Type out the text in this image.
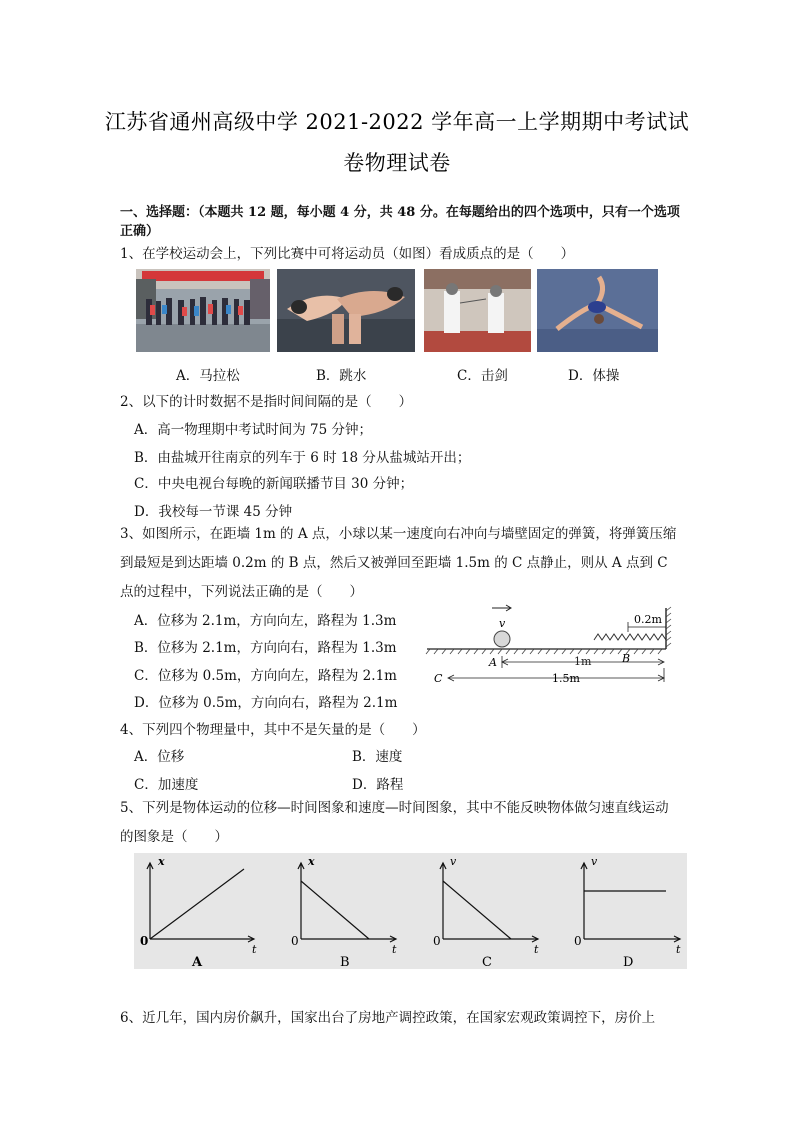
江苏省通州高级中学 2021-2022 学年高一上学期期中考试试
卷物理试卷
一、选择题：（本题共 12 题，每小题 4 分，共 48 分。在每题给出的四个选项中，只有一个选项正确）
1、在学校运动会上，下列比赛中可将运动员（如图）看成质点的是（　　）
A．马拉松	B．跳水	C．击剑	D．体操
2、以下的计时数据不是指时间间隔的是（　　）
A．高一物理期中考试时间为 75 分钟；
B．由盐城开往南京的列车于 6 时 18 分从盐城站开出；
C．中央电视台每晚的新闻联播节目 30 分钟；
D．我校每一节课 45 分钟
3、如图所示，在距墙 1m 的 A 点，小球以某一速度向右冲向与墙壁固定的弹簧，将弹簧压缩到最短是到达距墙 0.2m 的 B 点，然后又被弹回至距墙 1.5m 的 C 点静止，则从 A 点到 C 点的过程中，下列说法正确的是（　　）
A．位移为 2.1m，方向向左，路程为 1.3m
B．位移为 2.1m，方向向右，路程为 1.3m
C．位移为 0.5m，方向向左，路程为 2.1m
D．位移为 0.5m，方向向右，路程为 2.1m
v	0.2m
A	B
1m
C	1.5m
4、下列四个物理量中，其中不是矢量的是（　　）
A．位移	B．速度
C．加速度	D．路程
5、下列是物体运动的位移—时间图象和速度—时间图象，其中不能反映物体做匀速直线运动的图象是（　　）
x
t
0
A
x
t
0
B
v
t
0
C
v
t
0
D
6、近几年，国内房价飙升，国家出台了房地产调控政策，在国家宏观政策调控下，房价上
